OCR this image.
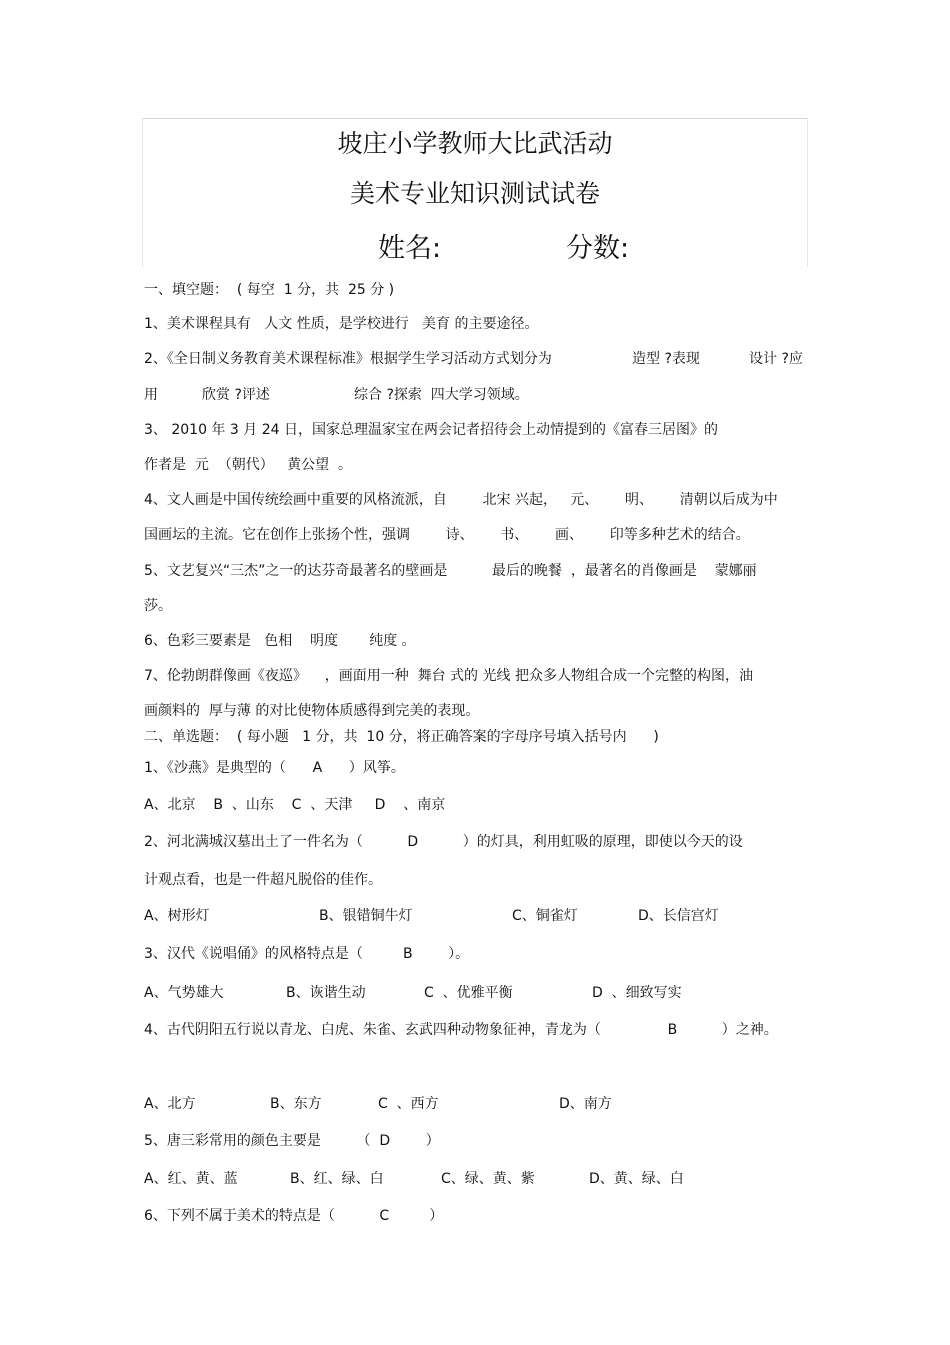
坡庄小学教师大比武活动
美术专业知识测试试卷
姓名:	分数:
一、填空题：  ( 每空  1 分，共  25 分 )
1、美术课程具有   人文 性质，是学校进行   美育 的主要途径。
2、《全日制义务教育美术课程标准》根据学生学习活动方式划分为	造型 ?表现	设计 ?应
用	欣赏 ?评述	综合 ?探索  四大学习领域。
3、 2010 年 3 月 24 日，国家总理温家宝在两会记者招待会上动情提到的《富春三居图》的
作者是  元  （朝代）   黄公望  。
4、文人画是中国传统绘画中重要的风格流派，自        北宋 兴起，   元、      明、      清朝以后成为中
国画坛的主流。它在创作上张扬个性，强调        诗、      书、      画、      印等多种艺术的结合。
5、文艺复兴“三杰”之一的达芬奇最著名的壁画是          最后的晚餐  ，最著名的肖像画是    蒙娜丽
莎。
6、色彩三要素是   色相    明度       纯度 。
7、伦勃朗群像画《夜巡》    ，画面用一种  舞台 式的 光线 把众多人物组合成一个完整的构图，油
画颜料的  厚与薄 的对比使物体质感得到完美的表现。
二、单选题：  ( 每小题   1 分，共  10 分，将正确答案的字母序号填入括号内      )
1、《沙燕》是典型的（      A      ）风筝。
A、北京    B  、山东    C  、天津     D    、南京
2、河北满城汉墓出土了一件名为（          D          ）的灯具，利用虹吸的原理，即使以今天的设
计观点看，也是一件超凡脱俗的佳作。
A、树形灯	B、银错铜牛灯	C、铜雀灯	D、长信宫灯
3、汉代《说唱俑》的风格特点是（         B        ）。
A、气势雄大	B、诙谐生动	C  、优雅平衡	D  、细致写实
4、古代阴阳五行说以青龙、白虎、朱雀、玄武四种动物象征神，青龙为（               B          ）之神。
A、北方	B、东方	C  、西方	D、南方
5、唐三彩常用的颜色主要是        （  D        ）
A、红、黄、蓝	B、红、绿、白	C、绿、黄、紫	D、黄、绿、白
6、下列不属于美术的特点是（          C         ）
